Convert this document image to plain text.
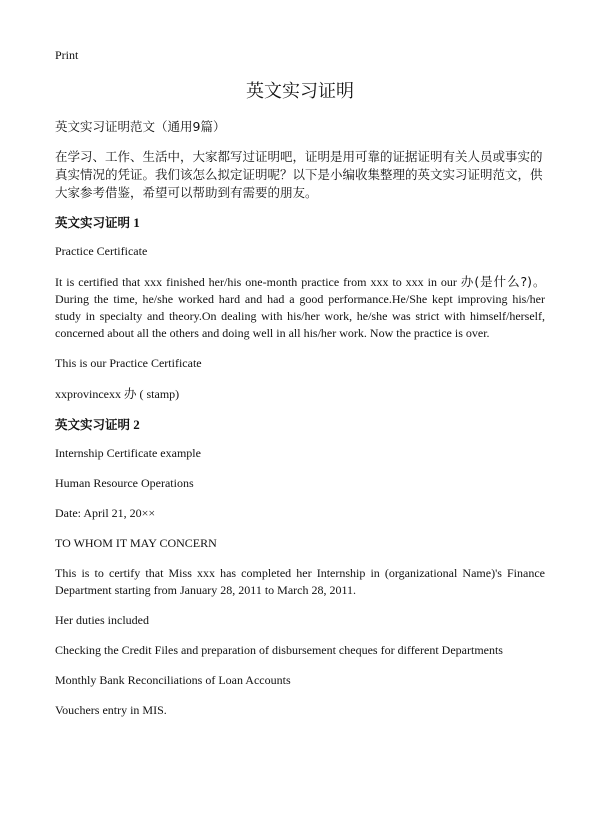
Print
英文实习证明

英文实习证明范文（通用9篇）

在学习、工作、生活中，大家都写过证明吧，证明是用可靠的证据证明有关人员或事实的真实情况的凭证。我们该怎么拟定证明呢？以下是小编收集整理的英文实习证明范文，供大家参考借鉴，希望可以帮助到有需要的朋友。

英文实习证明 1

Practice Certificate

It is certified that xxx finished her/his one-month practice from xxx to xxx in our 办(是什么?)。During the time, he/she worked hard and had a good performance.He/She kept improving his/her study in specialty and theory.On dealing with his/her work, he/she was strict with himself/herself, concerned about all the others and doing well in all his/her work. Now the practice is over.

This is our Practice Certificate

xxprovincexx 办 ( stamp)

英文实习证明 2

Internship Certificate example

Human Resource Operations

Date: April 21, 20××

TO WHOM IT MAY CONCERN

This is to certify that Miss xxx has completed her Internship in (organizational Name)'s Finance Department starting from January 28, 2011 to March 28, 2011.

Her duties included

Checking the Credit Files and preparation of disbursement cheques for different Departments

Monthly Bank Reconciliations of Loan Accounts

Vouchers entry in MIS.
